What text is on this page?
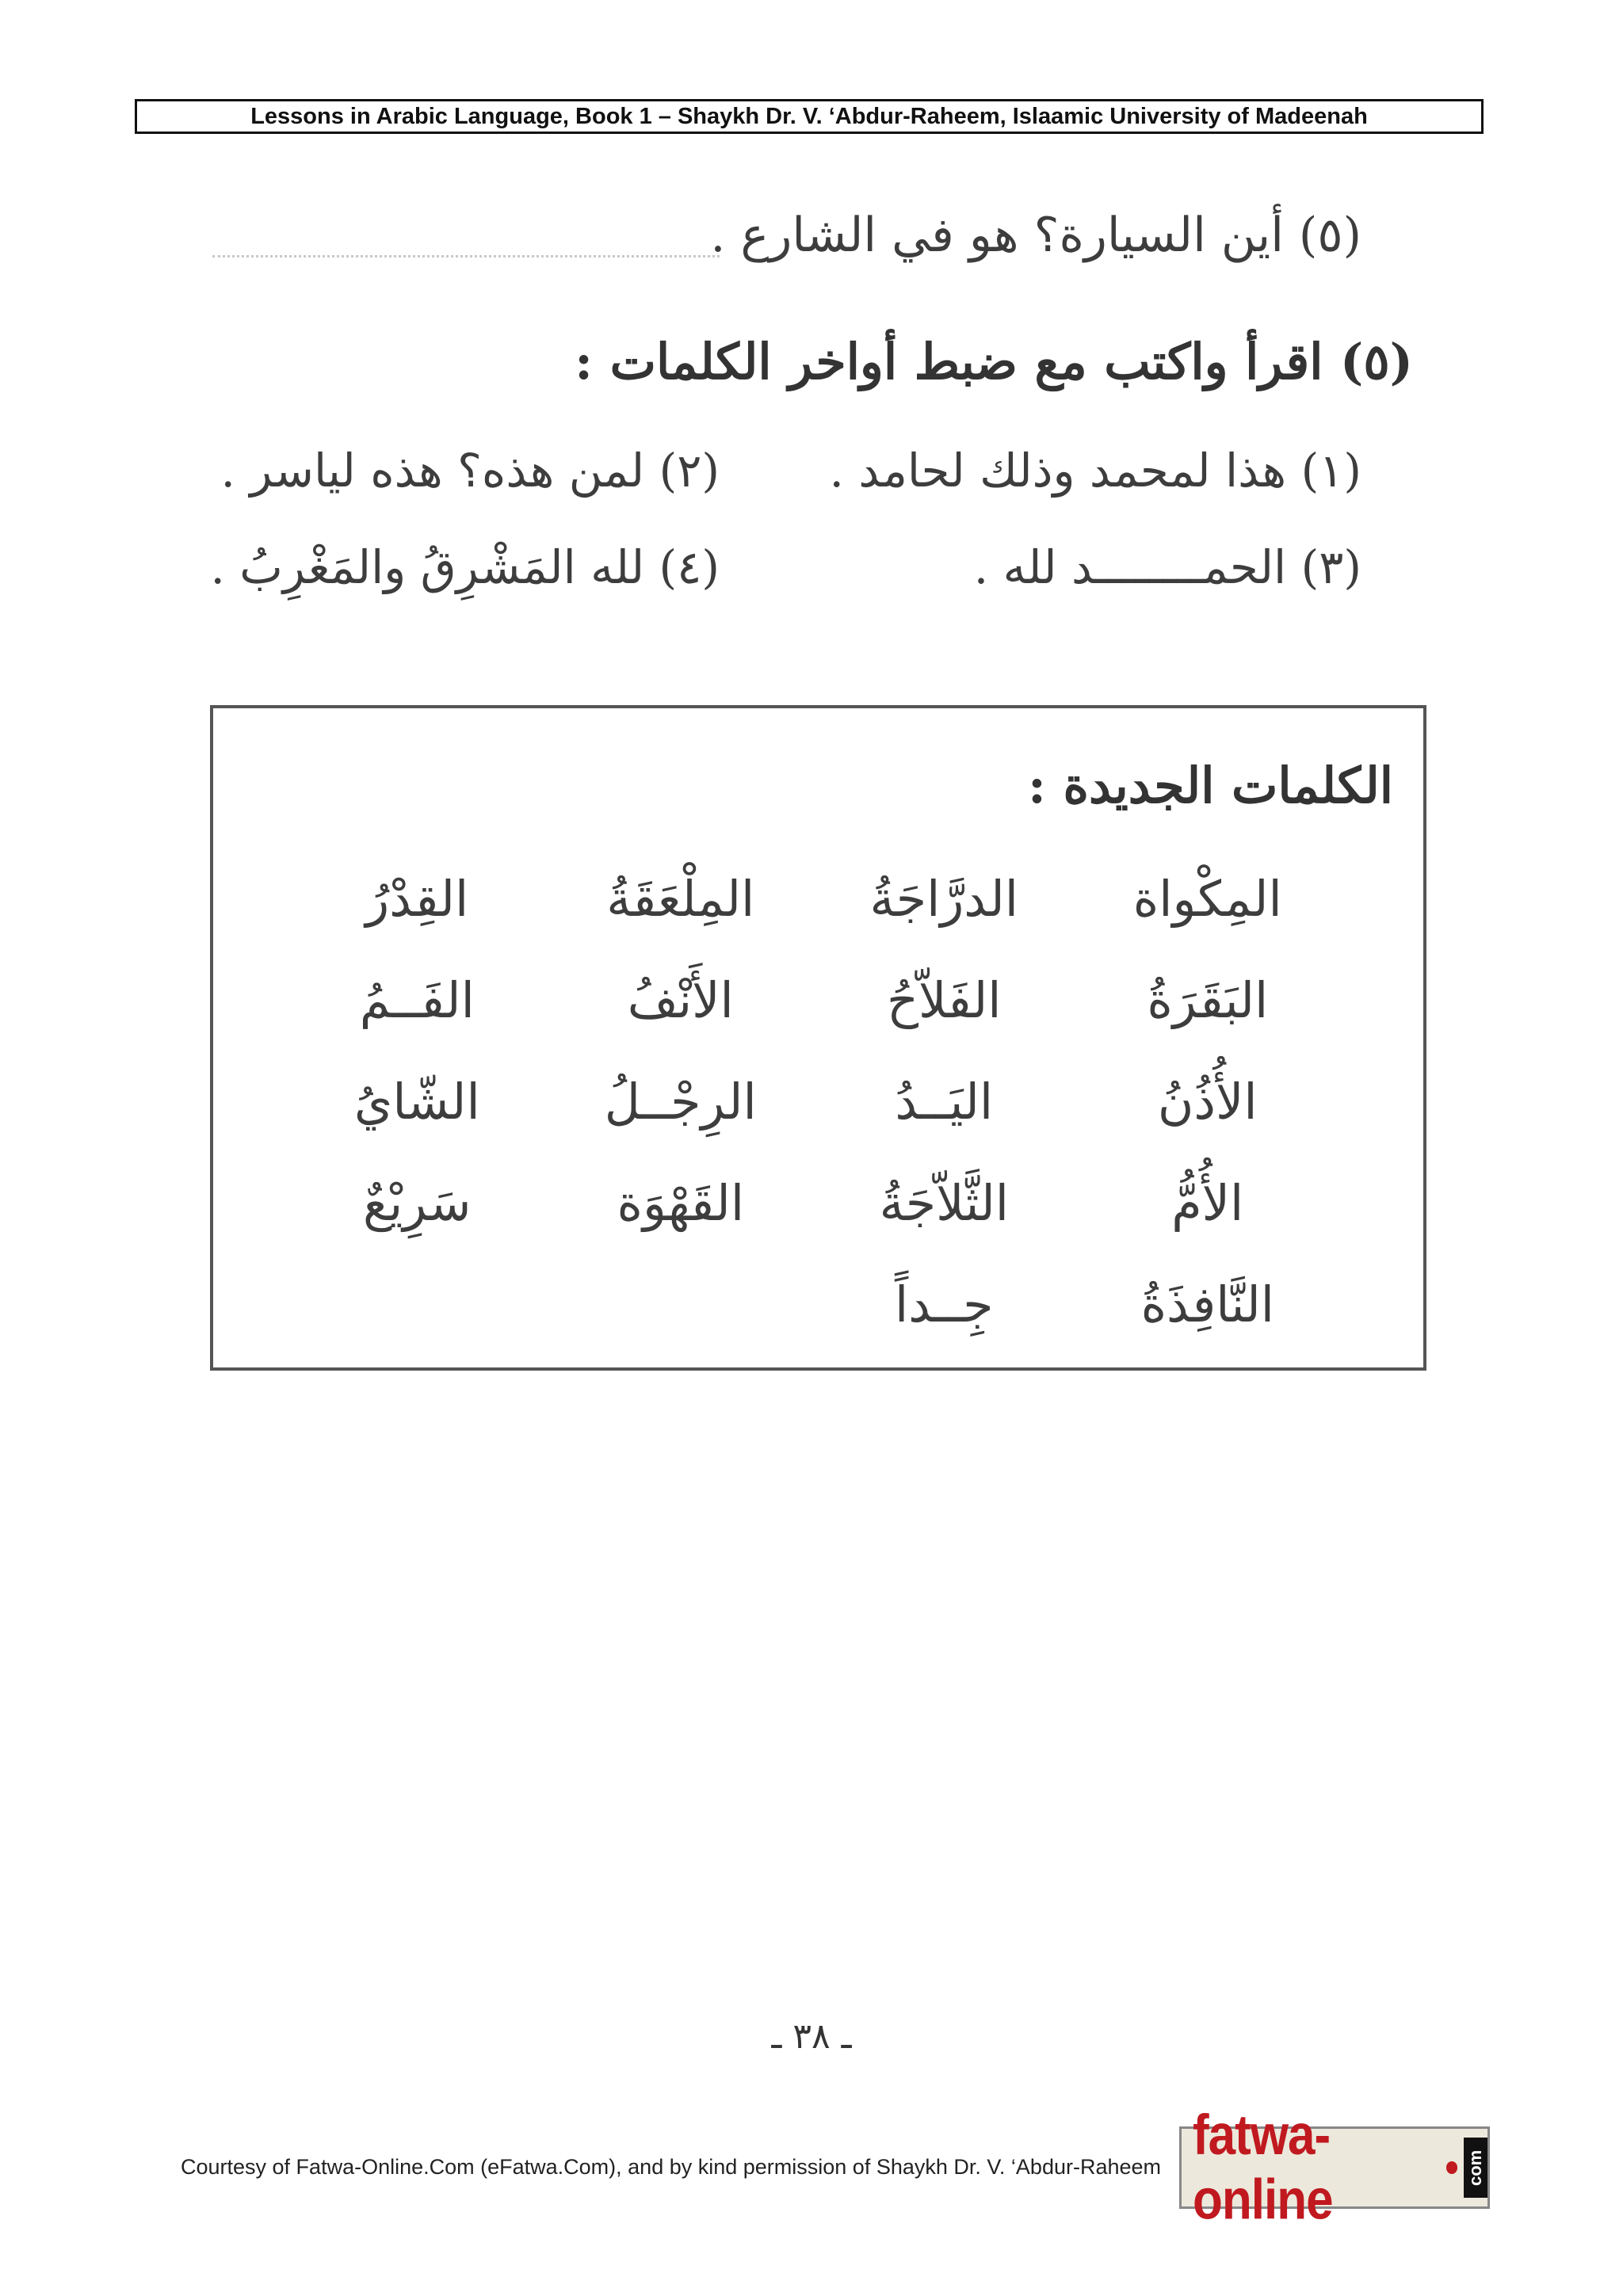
Lessons in Arabic Language, Book 1 – Shaykh Dr. V. ‘Abdur-Raheem, Islaamic University of Madeenah
(٥) أين السيارة؟ هو في الشارع .
(٥) اقرأ واكتب مع ضبط أواخر الكلمات :
(١) هذا لمحمد وذلك لحامد .
(٢) لمن هذه؟ هذه لياسر .
(٣) الحمــــــــد لله .
(٤) لله المَشْرِقُ والمَغْرِبُ .
الكلمات الجديدة :
المِكْواة
الدرَّاجَةُ
المِلْعَقَةُ
القِدْرُ
البَقَرَةُ
الفَلاّحُ
الأَنْفُ
الفَــمُ
الأُذُنُ
اليَــدُ
الرِجْــلُ
الشّايُ
الأُمُّ
الثَّلاّجَةُ
القَهْوَة
سَرِيْعٌ
النَّافِذَةُ
جِــداً
ـ ٣٨ ـ
Courtesy of Fatwa-Online.Com (eFatwa.Com), and by kind permission of Shaykh Dr. V. ‘Abdur-Raheem
fatwa-online
com
